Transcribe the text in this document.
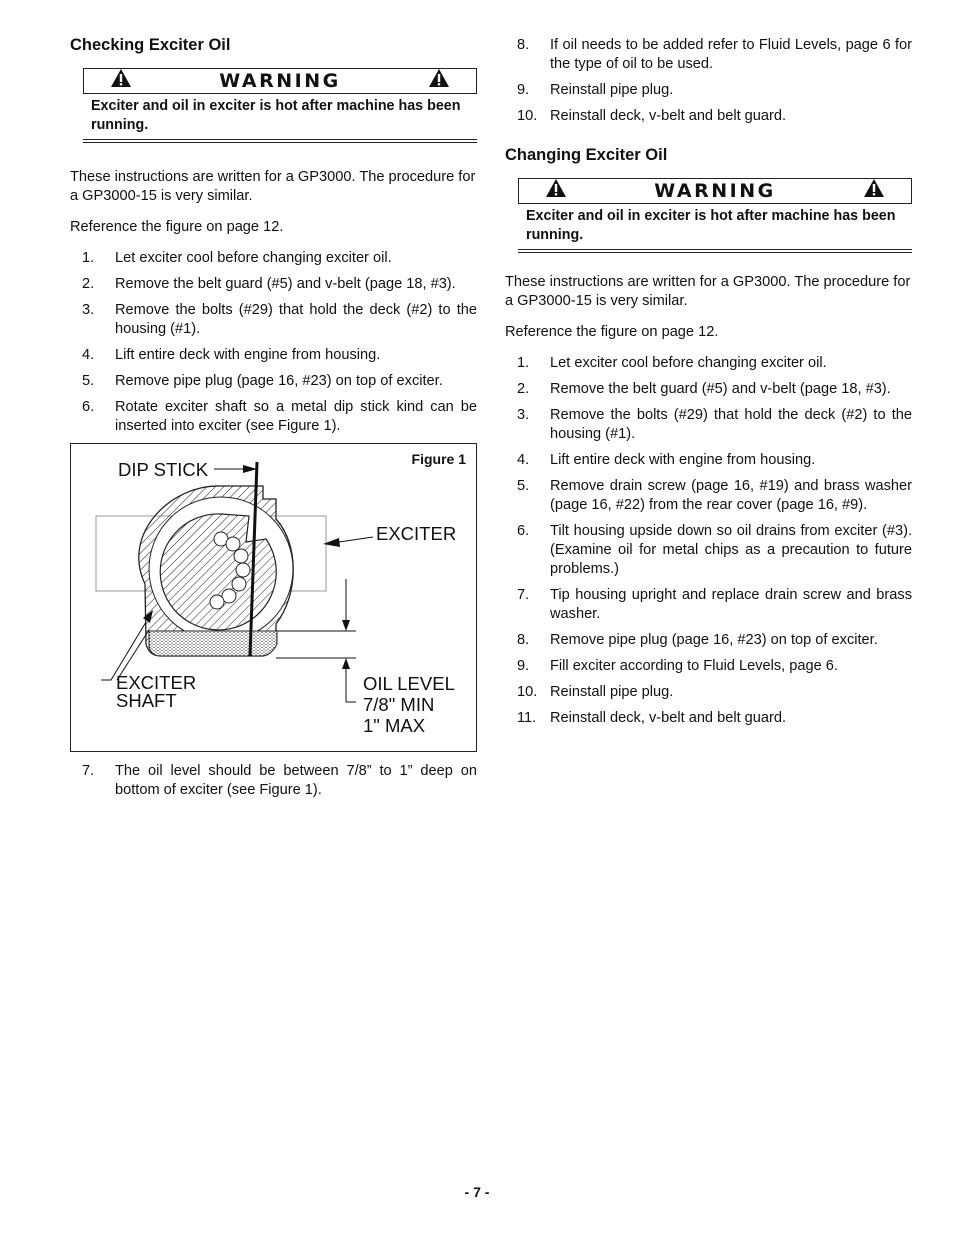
Checking Exciter Oil
WARNING
Exciter and oil in exciter is hot after machine has been running.

These instructions are written for a GP3000. The procedure for a GP3000-15 is very similar.

Reference the figure on page 12.

1.	Let exciter cool before changing exciter oil.
2.	Remove the belt guard (#5) and v-belt (page 18, #3).
3.	Remove the bolts (#29) that hold the deck (#2) to the housing (#1).
4.	Lift entire deck with engine from housing.
5.	Remove pipe plug (page 16, #23) on top of exciter.
6.	Rotate exciter shaft so a metal dip stick kind can be inserted into exciter (see Figure 1).
Figure 1
DIP STICK
EXCITER
EXCITER
SHAFT
OIL LEVEL
7/8" MIN
1" MAX
7.	The oil level should be between 7/8” to 1” deep on bottom of exciter (see Figure 1).
8.	If oil needs to be added refer to Fluid Levels, page 6 for the type of oil to be used.
9.	Reinstall pipe plug.
10. Reinstall deck, v-belt and belt guard.
Changing Exciter Oil
WARNING
Exciter and oil in exciter is hot after machine has been running.

These instructions are written for a GP3000. The procedure for a GP3000-15 is very similar.

Reference the figure on page 12.

1.	Let exciter cool before changing exciter oil.
2.	Remove the belt guard (#5) and v-belt (page 18, #3).
3.	Remove the bolts (#29) that hold the deck (#2) to the housing (#1).
4.	Lift entire deck with engine from housing.
5.	Remove drain screw (page 16, #19) and brass washer (page 16, #22) from the rear cover (page 16, #9).
6.	Tilt housing upside down so oil drains from exciter (#3). (Examine oil for metal chips as a precaution to future problems.)
7.	Tip housing upright and replace drain screw and brass washer.
8.	Remove pipe plug (page 16, #23) on top of exciter.
9.	Fill exciter according to Fluid Levels, page 6.
10. Reinstall pipe plug.
11. Reinstall deck, v-belt and belt guard.
- 7 -
